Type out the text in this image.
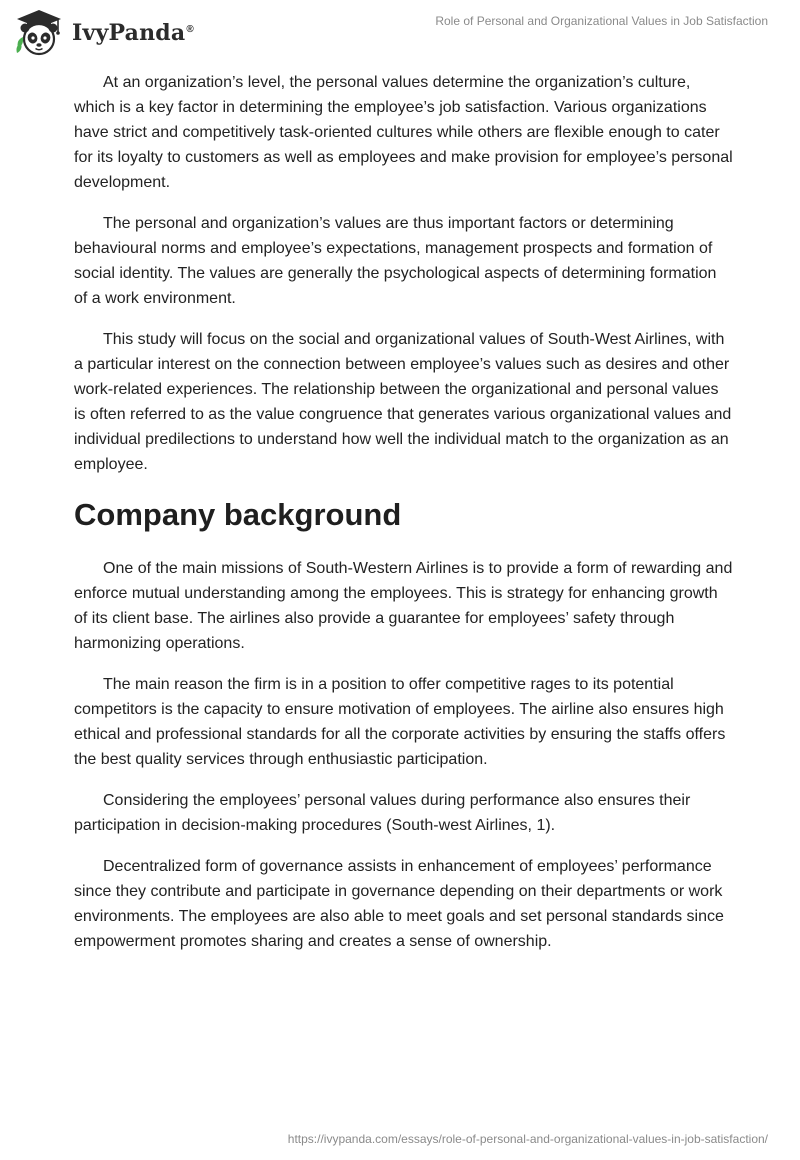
IvyPanda®
Role of Personal and Organizational Values in Job Satisfaction

At an organization’s level, the personal values determine the organization’s culture, which is a key factor in determining the employee’s job satisfaction. Various organizations have strict and competitively task-oriented cultures while others are flexible enough to cater for its loyalty to customers as well as employees and make provision for employee’s personal development.

The personal and organization’s values are thus important factors or determining behavioural norms and employee’s expectations, management prospects and formation of social identity. The values are generally the psychological aspects of determining formation of a work environment.

This study will focus on the social and organizational values of South-West Airlines, with a particular interest on the connection between employee’s values such as desires and other work-related experiences. The relationship between the organizational and personal values is often referred to as the value congruence that generates various organizational values and individual predilections to understand how well the individual match to the organization as an employee.

Company background

One of the main missions of South-Western Airlines is to provide a form of rewarding and enforce mutual understanding among the employees. This is strategy for enhancing growth of its client base. The airlines also provide a guarantee for employees’ safety through harmonizing operations.

The main reason the firm is in a position to offer competitive rages to its potential competitors is the capacity to ensure motivation of employees. The airline also ensures high ethical and professional standards for all the corporate activities by ensuring the staffs offers the best quality services through enthusiastic participation.

Considering the employees’ personal values during performance also ensures their participation in decision-making procedures (South-west Airlines, 1).

Decentralized form of governance assists in enhancement of employees’ performance since they contribute and participate in governance depending on their departments or work environments. The employees are also able to meet goals and set personal standards since empowerment promotes sharing and creates a sense of ownership.

https://ivypanda.com/essays/role-of-personal-and-organizational-values-in-job-satisfaction/
